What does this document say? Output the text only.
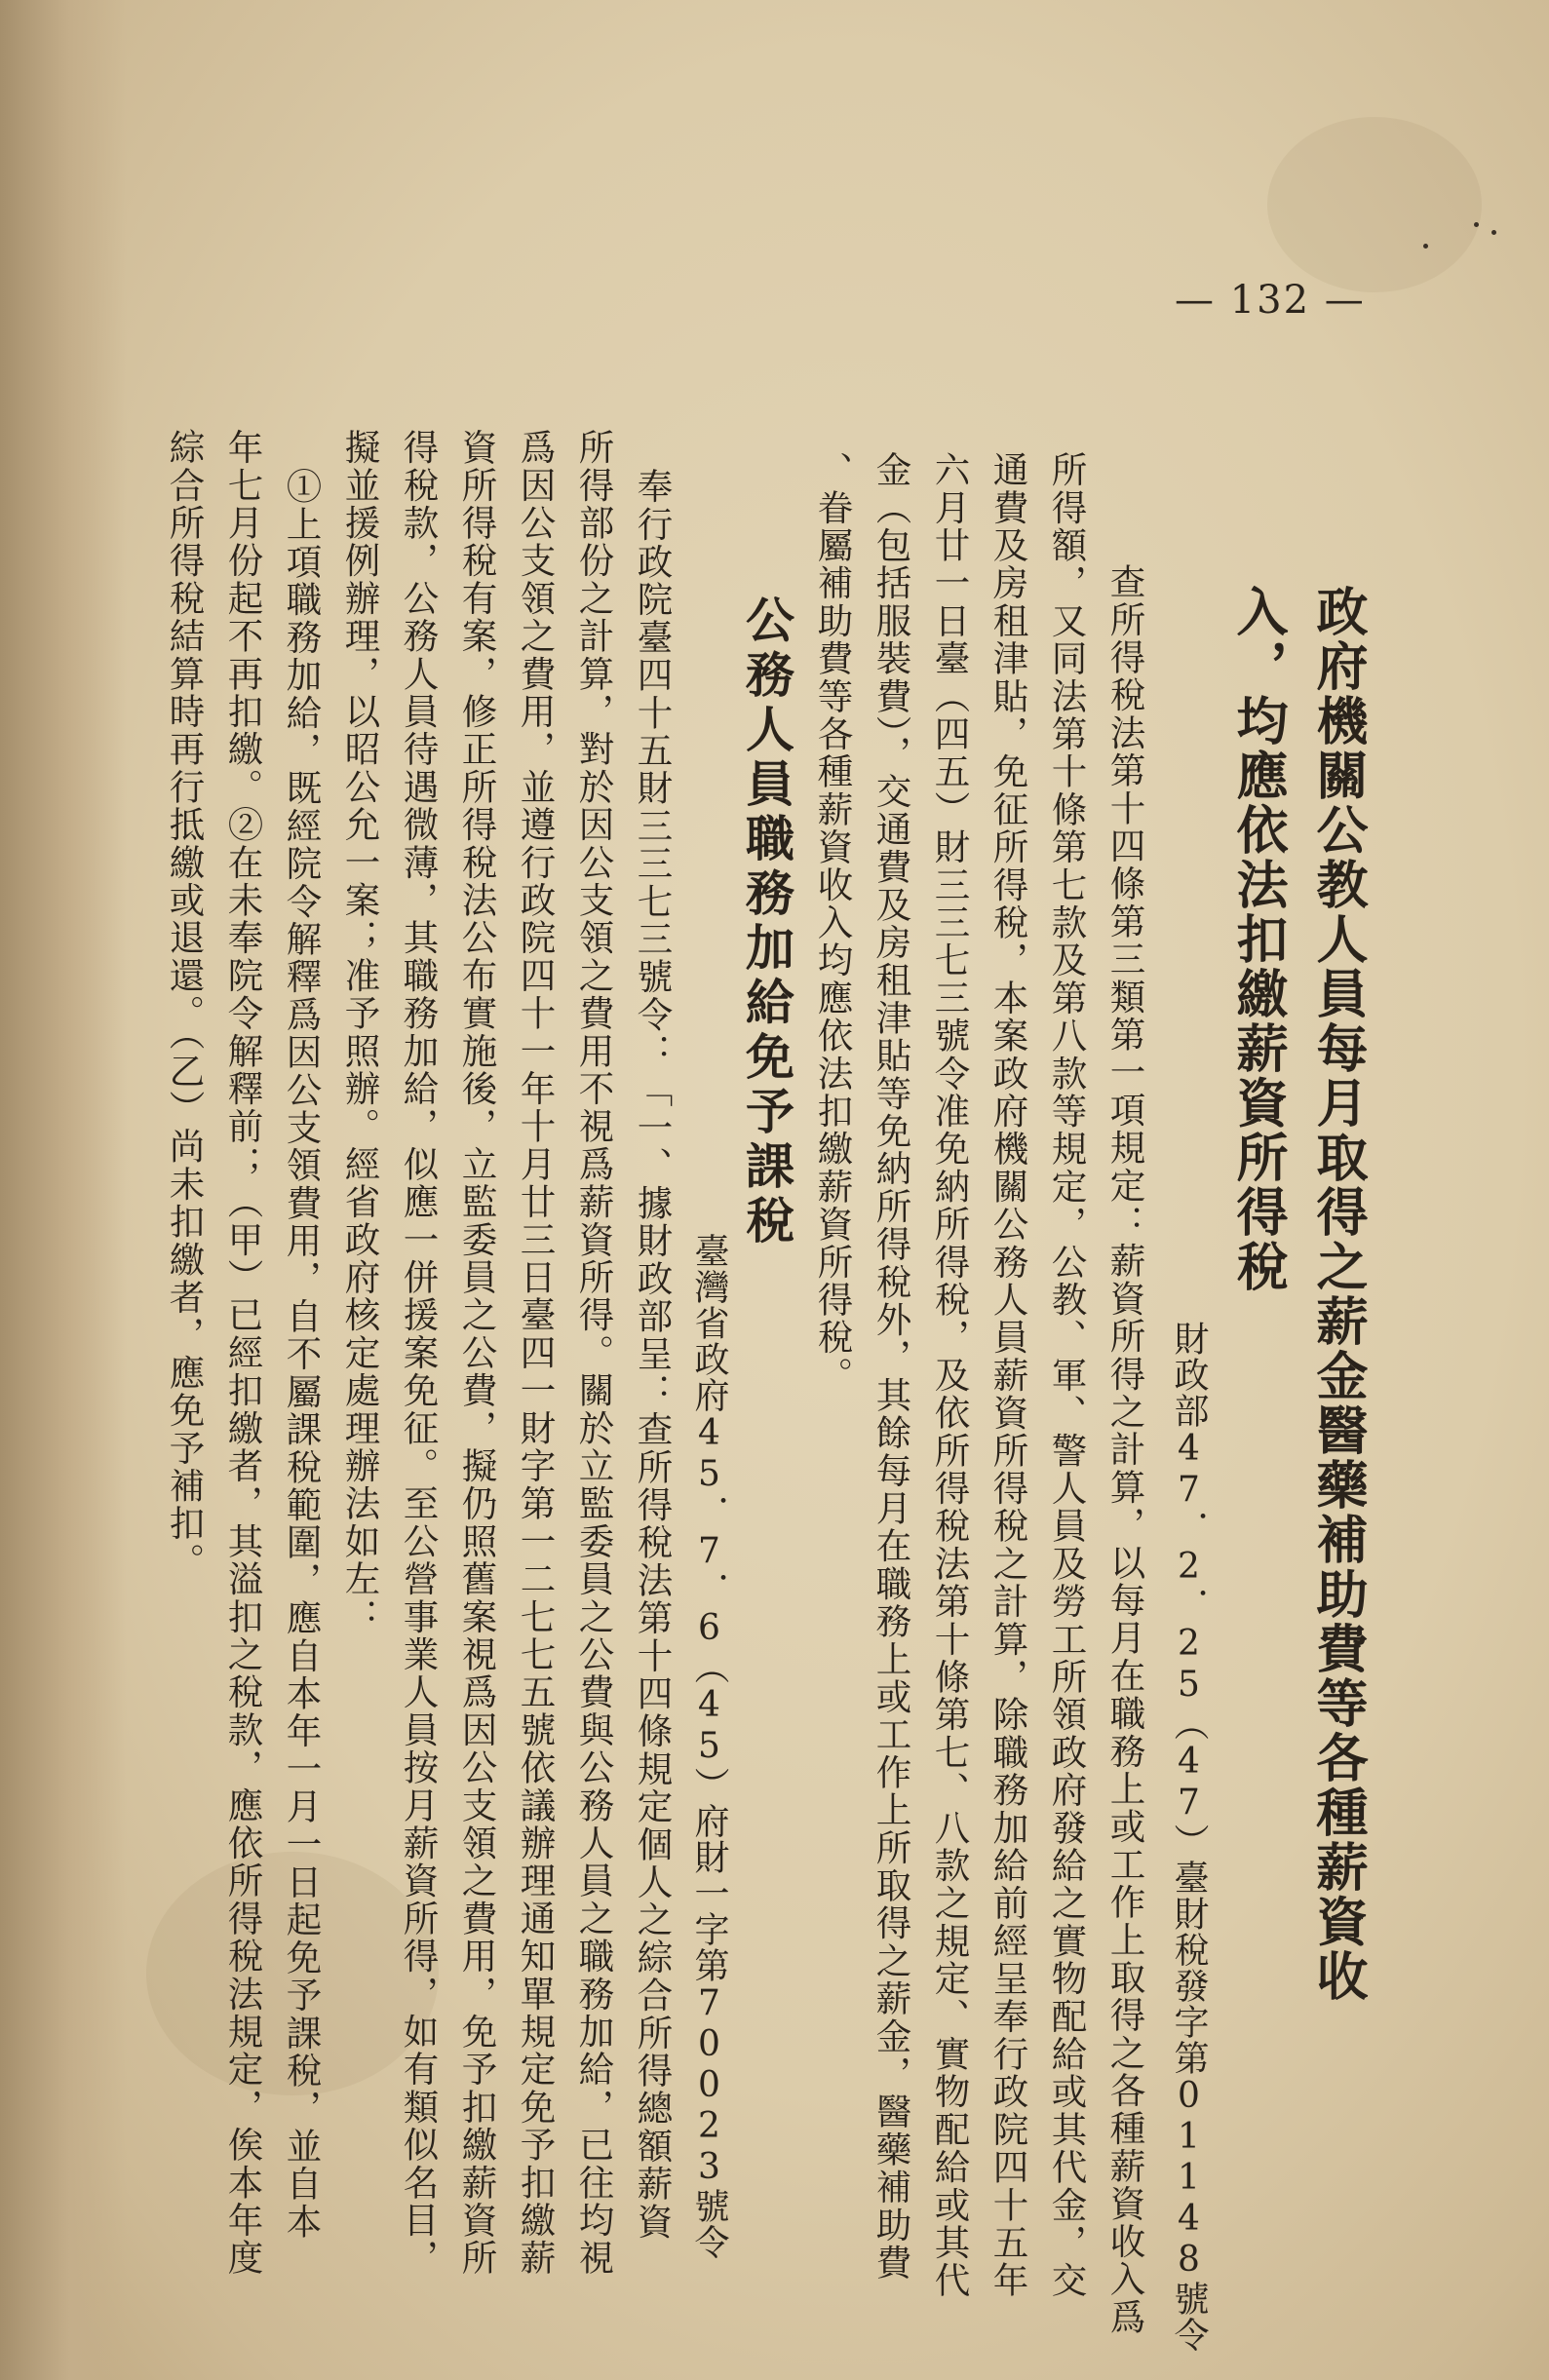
— 132 —
政府機關公教人員每月取得之薪金醫藥補助費等各種薪資收
入，均應依法扣繳薪資所得稅
財政部47．2．25（47）臺財稅發字第01148號令
查所得稅法第十四條第三類第一項規定：薪資所得之計算，以每月在職務上或工作上取得之各種薪資收入爲
所得額，又同法第十條第七款及第八款等規定，公教、軍、警人員及勞工所領政府發給之實物配給或其代金，交
通費及房租津貼，免征所得稅，本案政府機關公務人員薪資所得稅之計算，除職務加給前經呈奉行政院四十五年
六月廿一日臺（四五）財三三七三號令准免納所得稅，及依所得稅法第十條第七、八款之規定、實物配給或其代
金（包括服裝費），交通費及房租津貼等免納所得稅外，其餘每月在職務上或工作上所取得之薪金，醫藥補助費
、眷屬補助費等各種薪資收入均應依法扣繳薪資所得稅。
公務人員職務加給免予課稅
臺灣省政府45．7．6（45）府財一字第70023號令
奉行政院臺四十五財三三七三號令：「一、據財政部呈：查所得稅法第十四條規定個人之綜合所得總額薪資
所得部份之計算，對於因公支領之費用不視爲薪資所得。關於立監委員之公費與公務人員之職務加給，已往均視
爲因公支領之費用，並遵行政院四十一年十月廿三日臺四一財字第一二七七五號依議辦理通知單規定免予扣繳薪
資所得稅有案，修正所得稅法公布實施後，立監委員之公費，擬仍照舊案視爲因公支領之費用，免予扣繳薪資所
得稅款，公務人員待遇微薄，其職務加給，似應一併援案免征。至公營事業人員按月薪資所得，如有類似名目，
擬並援例辦理，以昭公允一案；准予照辦。經省政府核定處理辦法如左：
①上項職務加給，既經院令解釋爲因公支領費用，自不屬課稅範圍，應自本年一月一日起免予課稅，並自本
年七月份起不再扣繳。②在未奉院令解釋前；（甲）已經扣繳者，其溢扣之稅款，應依所得稅法規定，俟本年度
綜合所得稅結算時再行抵繳或退還。（乙）尚未扣繳者，應免予補扣。
